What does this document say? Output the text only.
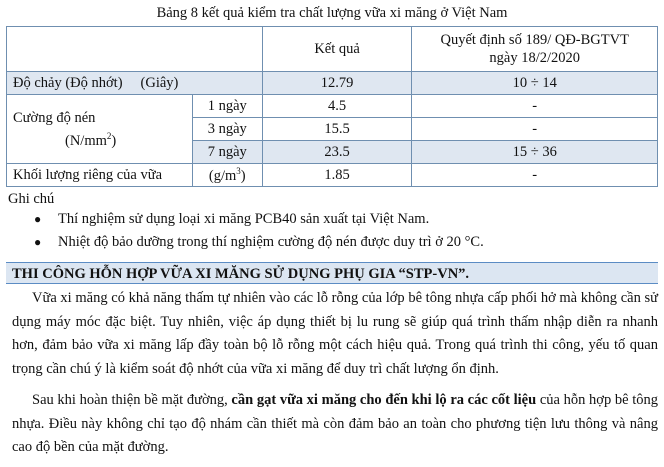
Bảng 8 kết quả kiểm tra chất lượng vữa xi măng ở Việt Nam
		Kết quả	Quyết định số 189/ QĐ-BGTVT
ngày 18/2/2020

Độ chảy (Độ nhớt) (Giây)		12.79	10 ÷ 14

Cường độ nén
$(N/mm^2)$	1 ngày	4.5	-
	3 ngày	15.5	-
	7 ngày	23.5	15 ÷ 36
Khối lượng riêng của vữa	$(g/m^3)$	1.85	-
Ghi chú
● Thí nghiệm sử dụng loại xi măng PCB40 sản xuất tại Việt Nam.
● Nhiệt độ bảo dưỡng trong thí nghiệm cường độ nén được duy trì ở 20 °C.
THI CÔNG HỖN HỢP VỮA XI MĂNG SỬ DỤNG PHỤ GIA “STP-VN”.

Vữa xi măng có khả năng thấm tự nhiên vào các lỗ rỗng của lớp bê tông nhựa cấp phối hở mà không cần sử dụng máy móc đặc biệt. Tuy nhiên, việc áp dụng thiết bị lu rung sẽ giúp quá trình thấm nhập diễn ra nhanh hơn, đảm bảo vữa xi măng lấp đầy toàn bộ lỗ rỗng một cách hiệu quả. Trong quá trình thi công, yếu tố quan trọng cần chú ý là kiểm soát độ nhớt của vữa xi măng để duy trì chất lượng ổn định.

Sau khi hoàn thiện bề mặt đường, cần gạt vữa xi măng cho đến khi lộ ra các cốt liệu của hỗn hợp bê tông nhựa. Điều này không chỉ tạo độ nhám cần thiết mà còn đảm bảo an toàn cho phương tiện lưu thông và nâng cao độ bền của mặt đường.
